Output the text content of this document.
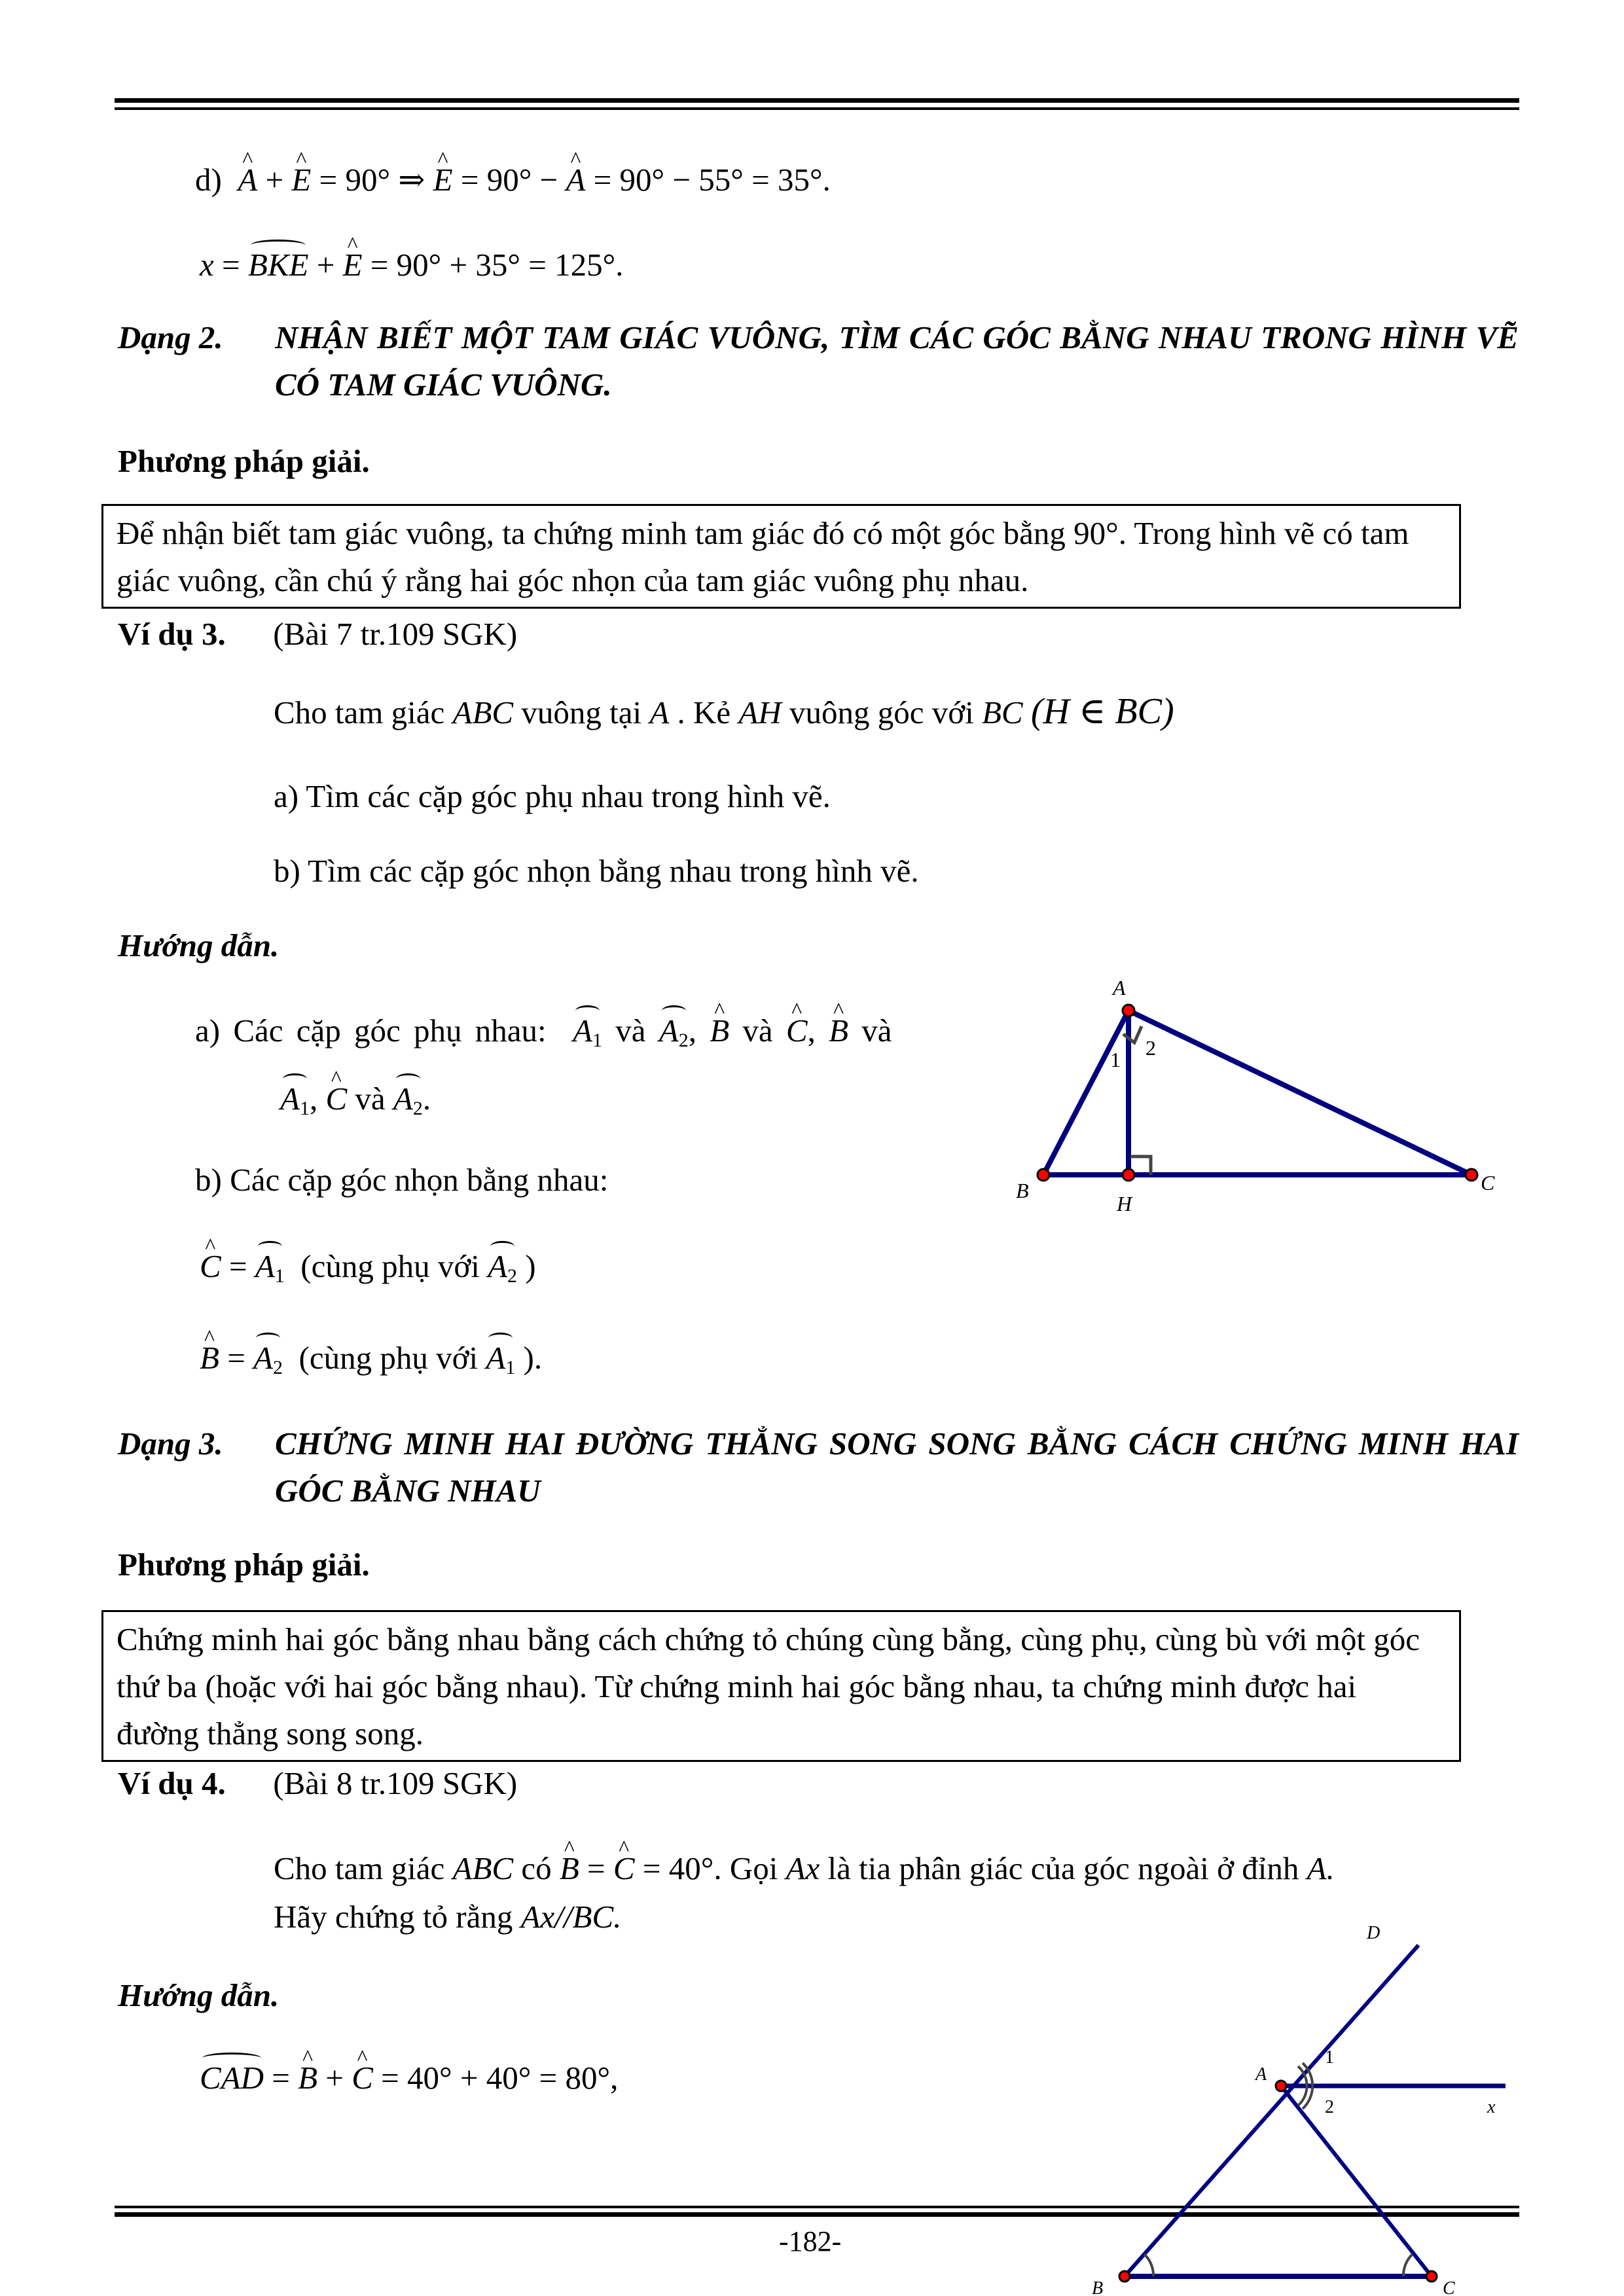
d) ^ A + ^ E = 90° ⇒ ^ E = 90° − ^ A = 90° − 55° = 35°.
x = BKE + ^ E = 90° + 35° = 125°.
Dạng 2. NHẬN BIẾT MỘT TAM GIÁC VUÔNG, TÌM CÁC GÓC BẰNG NHAU TRONG HÌNH VẼ CÓ TAM GIÁC VUÔNG.
Phương pháp giải.
Để nhận biết tam giác vuông, ta chứng minh tam giác đó có một góc bằng 90°. Trong hình vẽ có tam giác vuông, cần chú ý rằng hai góc nhọn của tam giác vuông phụ nhau.
Ví dụ 3. (Bài 7 tr.109 SGK)
Cho tam giác ABC vuông tại A . Kẻ AH vuông góc với BC (H ∈ BC)
a) Tìm các cặp góc phụ nhau trong hình vẽ.
b) Tìm các cặp góc nhọn bằng nhau trong hình vẽ.
Hướng dẫn.
a) Các cặp góc phụ nhau: $A_1$ và $A_2$, ^ B và ^ C, ^ B và
$A_1$, ^ C và $A_2$.
b) Các cặp góc nhọn bằng nhau:
^ $C = A_1$ (cùng phụ với $A_2$ )
^ $B = A_2$ (cùng phụ với $A_1$ ).
A
B
H
C
1 2
Dạng 3. CHỨNG MINH HAI ĐƯỜNG THẲNG SONG SONG BẰNG CÁCH CHỨNG MINH HAI GÓC BẰNG NHAU
Phương pháp giải.
Chứng minh hai góc bằng nhau bằng cách chứng tỏ chúng cùng bằng, cùng phụ, cùng bù với một góc thứ ba (hoặc với hai góc bằng nhau). Từ chứng minh hai góc bằng nhau, ta chứng minh được hai đường thẳng song song.
Ví dụ 4. (Bài 8 tr.109 SGK)
Cho tam giác ABC có ^ B = ^ C = 40°. Gọi Ax là tia phân giác của góc ngoài ở đỉnh A.
Hãy chứng tỏ rằng Ax//BC.
Hướng dẫn.
CAD = ^ B + ^ C = 40° + 40° = 80°,
-182-
D
A
x
B	C
1
2
